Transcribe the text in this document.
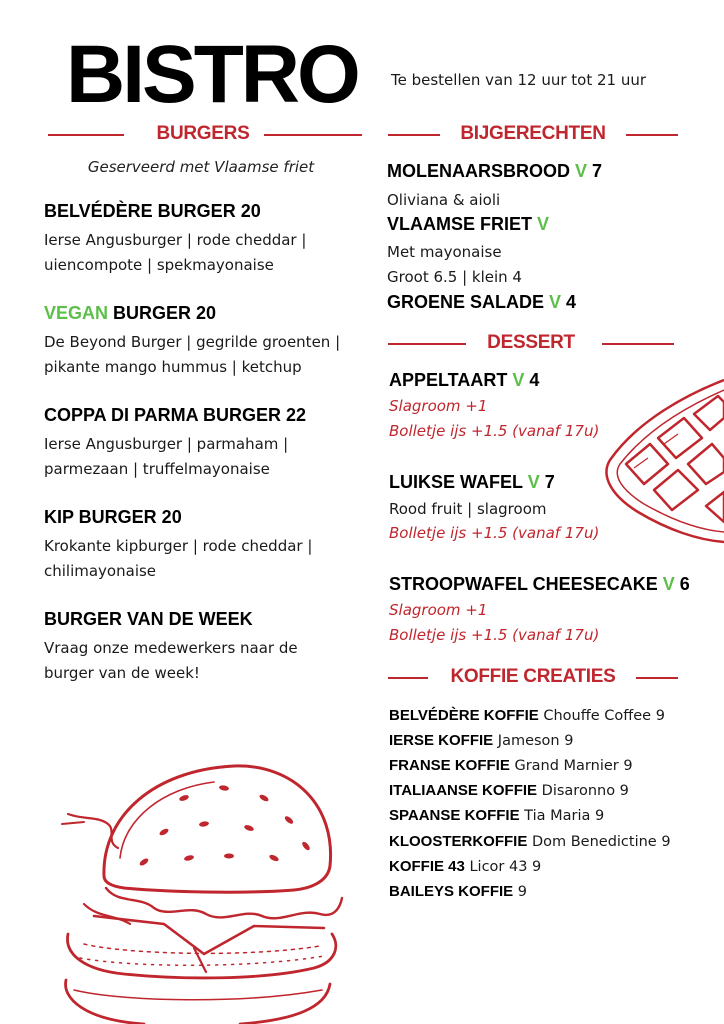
BISTRO Te bestellen van 12 uur tot 21 uur
BURGERS
Geserveerd met Vlaamse friet
BELVÉDÈRE BURGER 20
Ierse Angusburger | rode cheddar |
uiencompote | spekmayonaise
VEGAN BURGER 20
De Beyond Burger | gegrilde groenten |
pikante mango hummus | ketchup
COPPA DI PARMA BURGER 22
Ierse Angusburger | parmaham |
parmezaan | truffelmayonaise
KIP BURGER 20
Krokante kipburger | rode cheddar |
chilimayonaise
BURGER VAN DE WEEK
Vraag onze medewerkers naar de
burger van de week!
BIJGERECHTEN
MOLENAARSBROOD V 7
Oliviana & aioli
VLAAMSE FRIET V
Met mayonaise
Groot 6.5 | klein 4
GROENE SALADE V 4
DESSERT
APPELTAART V 4
Slagroom +1
Bolletje ijs +1.5 (vanaf 17u)
LUIKSE WAFEL V 7
Rood fruit | slagroom
Bolletje ijs +1.5 (vanaf 17u)
STROOPWAFEL CHEESECAKE V 6
Slagroom +1
Bolletje ijs +1.5 (vanaf 17u)
KOFFIE CREATIES
BELVÉDÈRE KOFFIE Chouffe Coffee 9
IERSE KOFFIE Jameson 9
FRANSE KOFFIE Grand Marnier 9
ITALIAANSE KOFFIE Disaronno 9
SPAANSE KOFFIE Tia Maria 9
KLOOSTERKOFFIE Dom Benedictine 9
KOFFIE 43 Licor 43 9
BAILEYS KOFFIE 9
